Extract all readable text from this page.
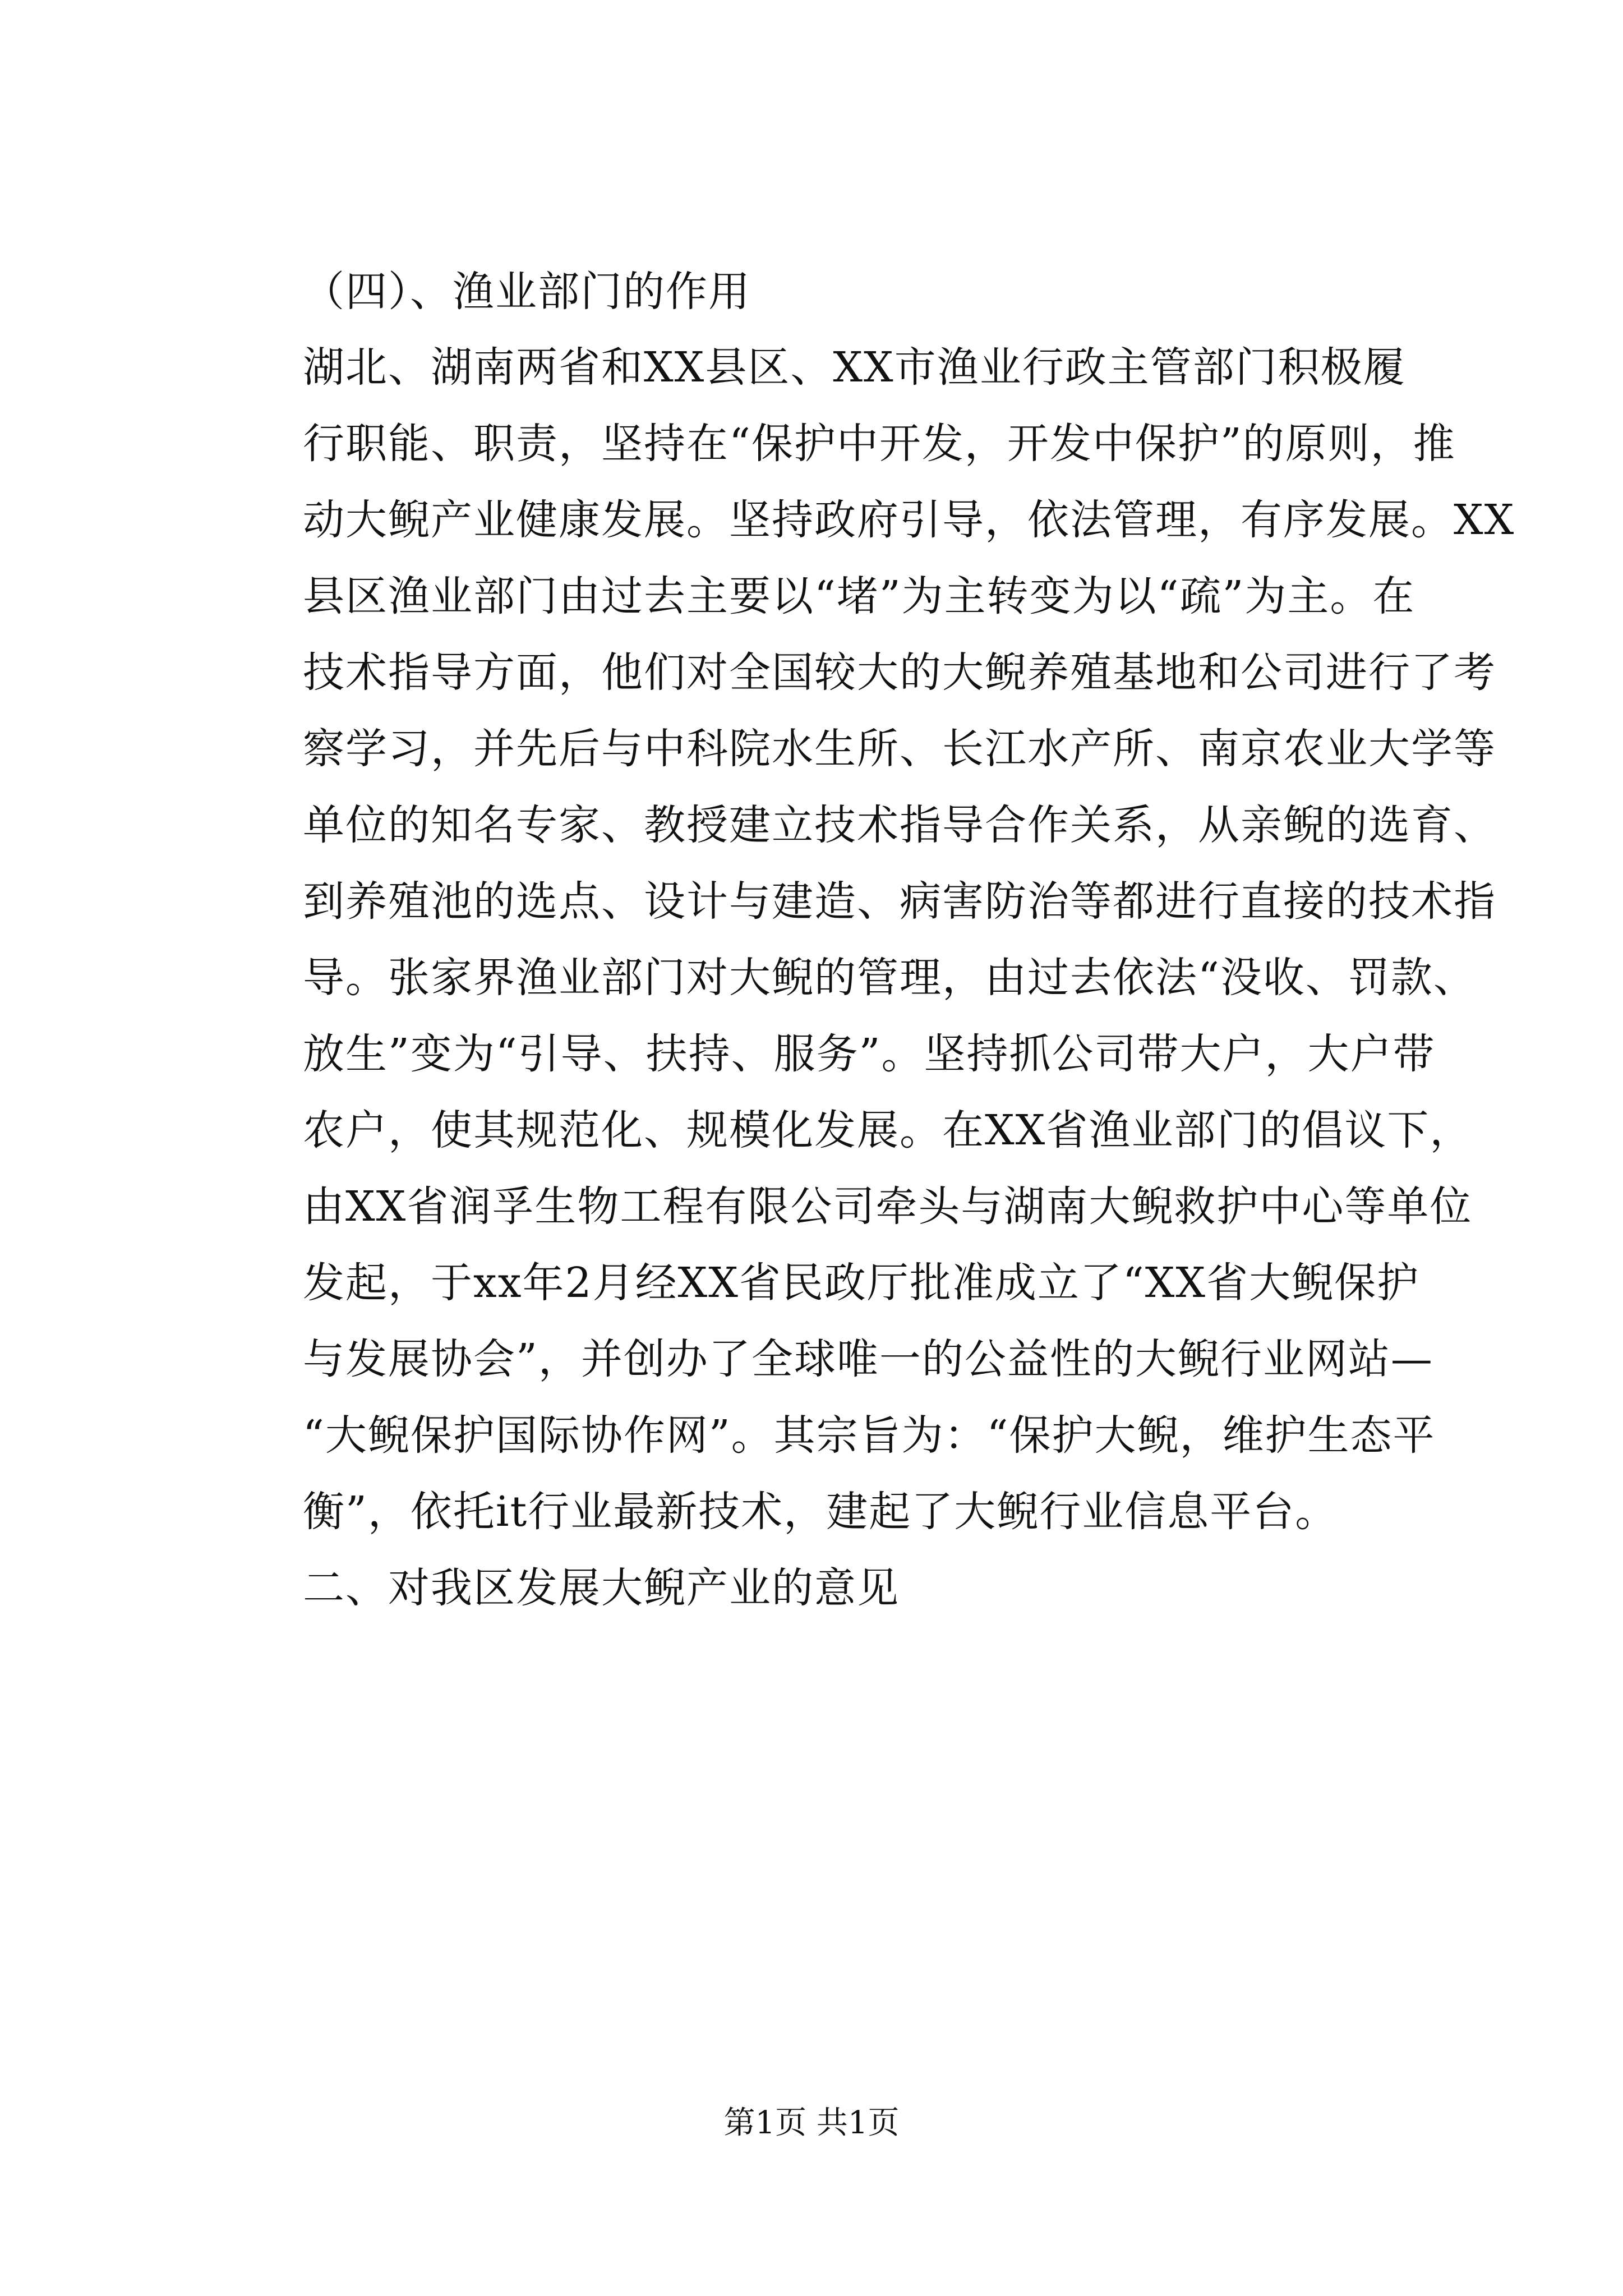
（四）、渔业部门的作用
湖北、湖南两省和XX县区、XX市渔业行政主管部门积极履
行职能、职责，坚持在“保护中开发，开发中保护”的原则，推
动大鲵产业健康发展。坚持政府引导，依法管理，有序发展。XX
县区渔业部门由过去主要以“堵”为主转变为以“疏”为主。在
技术指导方面，他们对全国较大的大鲵养殖基地和公司进行了考
察学习，并先后与中科院水生所、长江水产所、南京农业大学等
单位的知名专家、教授建立技术指导合作关系，从亲鲵的选育、
到养殖池的选点、设计与建造、病害防治等都进行直接的技术指
导。张家界渔业部门对大鲵的管理，由过去依法“没收、罚款、
放生”变为“引导、扶持、服务”。坚持抓公司带大户，大户带
农户，使其规范化、规模化发展。在XX省渔业部门的倡议下，
由XX省润孚生物工程有限公司牵头与湖南大鲵救护中心等单位
发起，于xx年2月经XX省民政厅批准成立了“XX省大鲵保护
与发展协会”，并创办了全球唯一的公益性的大鲵行业网站—
“大鲵保护国际协作网”。其宗旨为：“保护大鲵，维护生态平
衡”，依托it行业最新技术，建起了大鲵行业信息平台。
二、对我区发展大鲵产业的意见
第1页 共1页
